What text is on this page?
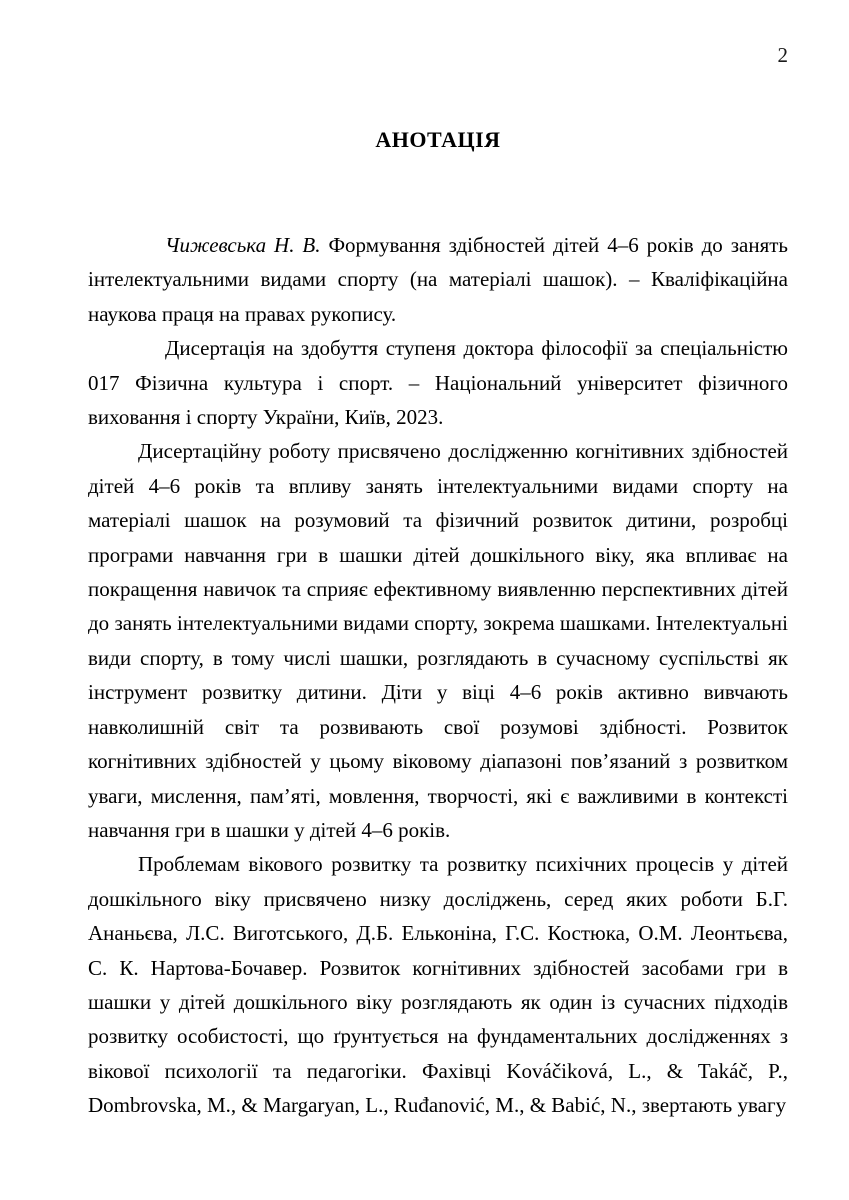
2
АНОТАЦІЯ

Чижевська Н. В. Формування здібностей дітей 4–6 років до занять інтелектуальними видами спорту (на матеріалі шашок). – Кваліфікаційна наукова праця на правах рукопису.

Дисертація на здобуття ступеня доктора філософії за спеціальністю 017 Фізична культура і спорт. – Національний університет фізичного виховання і спорту України, Київ, 2023.

Дисертаційну роботу присвячено дослідженню когнітивних здібностей дітей 4–6 років та впливу занять інтелектуальними видами спорту на матеріалі шашок на розумовий та фізичний розвиток дитини, розробці програми навчання гри в шашки дітей дошкільного віку, яка впливає на покращення навичок та сприяє ефективному виявленню перспективних дітей до занять інтелектуальними видами спорту, зокрема шашками. Інтелектуальні види спорту, в тому числі шашки, розглядають в сучасному суспільстві як інструмент розвитку дитини. Діти у віці 4–6 років активно вивчають навколишній світ та розвивають свої розумові здібності. Розвиток когнітивних здібностей у цьому віковому діапазоні пов’язаний з розвитком уваги, мислення, пам’яті, мовлення, творчості, які є важливими в контексті навчання гри в шашки у дітей 4–6 років.

Проблемам вікового розвитку та розвитку психічних процесів у дітей дошкільного віку присвячено низку досліджень, серед яких роботи Б.Г. Ананьєва, Л.С. Виготського, Д.Б. Ельконіна, Г.С. Костюка, О.М. Леонтьєва, С. К. Нартова-Бочавер. Розвиток когнітивних здібностей засобами гри в шашки у дітей дошкільного віку розглядають як один із сучасних підходів розвитку особистості, що ґрунтується на фундаментальних дослідженнях з вікової психології та педагогіки. Фахівці Kováčiková, L., & Takáč, P., Dombrovska, M., & Margaryan, L., Ruđanović, M., & Babić, N., звертають увагу
